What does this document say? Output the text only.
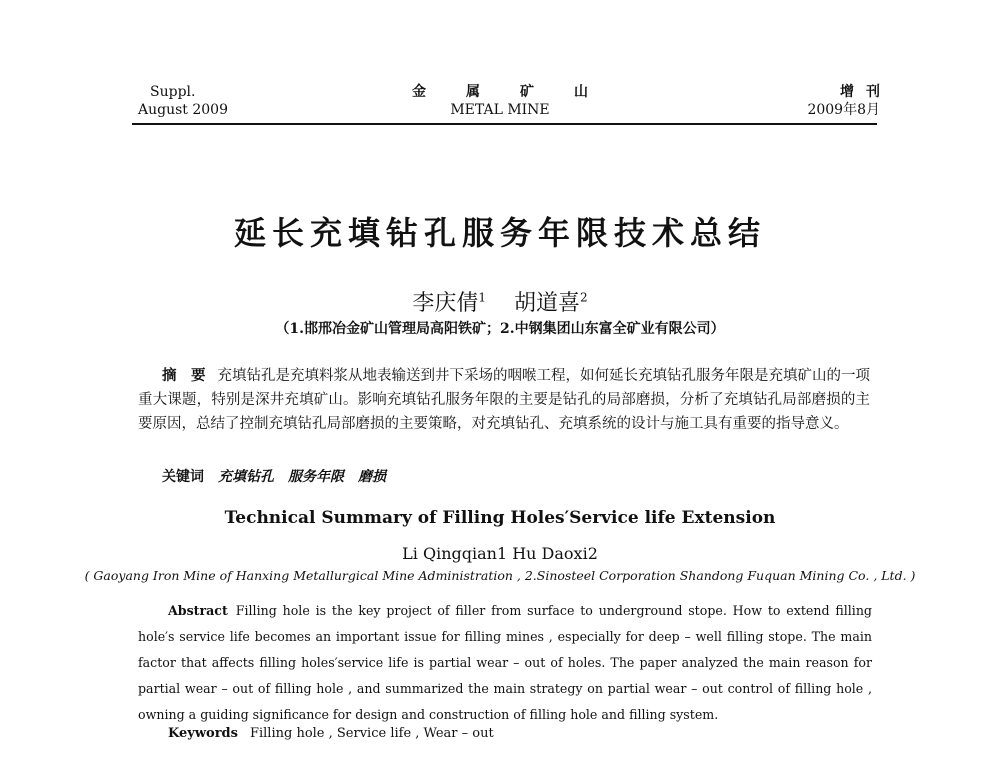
Suppl.
August 2009
金属矿山
METAL MINE
增刊
2009年8月
延长充填钻孔服务年限技术总结
李庆倩$^1$ 胡道喜$^2$
（1.邯邢冶金矿山管理局高阳铁矿；2.中钢集团山东富全矿业有限公司）
摘　要 充填钻孔是充填料浆从地表输送到井下采场的咽喉工程，如何延长充填钻孔服务年限是充填矿山的一项重大课题，特别是深井充填矿山。影响充填钻孔服务年限的主要是钻孔的局部磨损，分析了充填钻孔局部磨损的主要原因，总结了控制充填钻孔局部磨损的主要策略，对充填钻孔、充填系统的设计与施工具有重要的指导意义。
关键词 充填钻孔 服务年限 磨损
Technical Summary of Filling Holes′Service life Extension
Li Qingqian1 Hu Daoxi2
( Gaoyang Iron Mine of Hanxing Metallurgical Mine Administration , 2.Sinosteel Corporation Shandong Fuquan Mining Co. , Ltd. )
Abstract Filling hole is the key project of filler from surface to underground stope. How to extend filling hole′s service life becomes an important issue for filling mines , especially for deep – well filling stope. The main factor that affects filling holes′service life is partial wear – out of holes. The paper analyzed the main reason for partial wear – out of filling hole , and summarized the main strategy on partial wear – out control of filling hole , owning a guiding significance for design and construction of filling hole and filling system.
Keywords Filling hole , Service life , Wear – out
